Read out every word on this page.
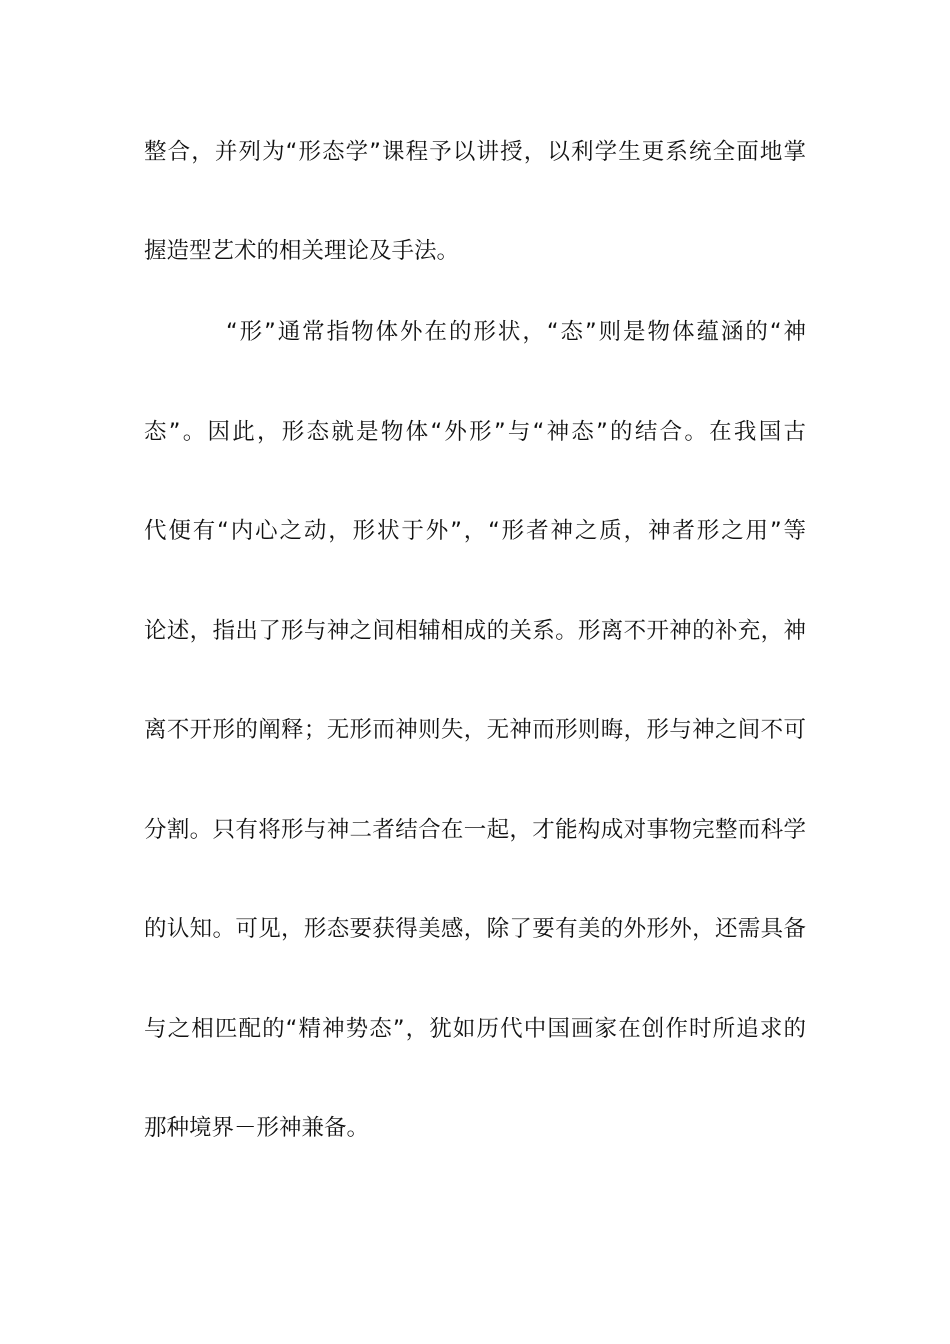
整合，并列为“形态学”课程予以讲授，以利学生更系统全面地掌
握造型艺术的相关理论及手法。
“形”通常指物体外在的形状，“态”则是物体蕴涵的“神
态”。因此，形态就是物体“外形”与“神态”的结合。在我国古
代便有“内心之动，形状于外”，“形者神之质，神者形之用”等
论述，指出了形与神之间相辅相成的关系。形离不开神的补充，神
离不开形的阐释；无形而神则失，无神而形则晦，形与神之间不可
分割。只有将形与神二者结合在一起，才能构成对事物完整而科学
的认知。可见，形态要获得美感，除了要有美的外形外，还需具备
与之相匹配的“精神势态”，犹如历代中国画家在创作时所追求的
那种境界－形神兼备。
